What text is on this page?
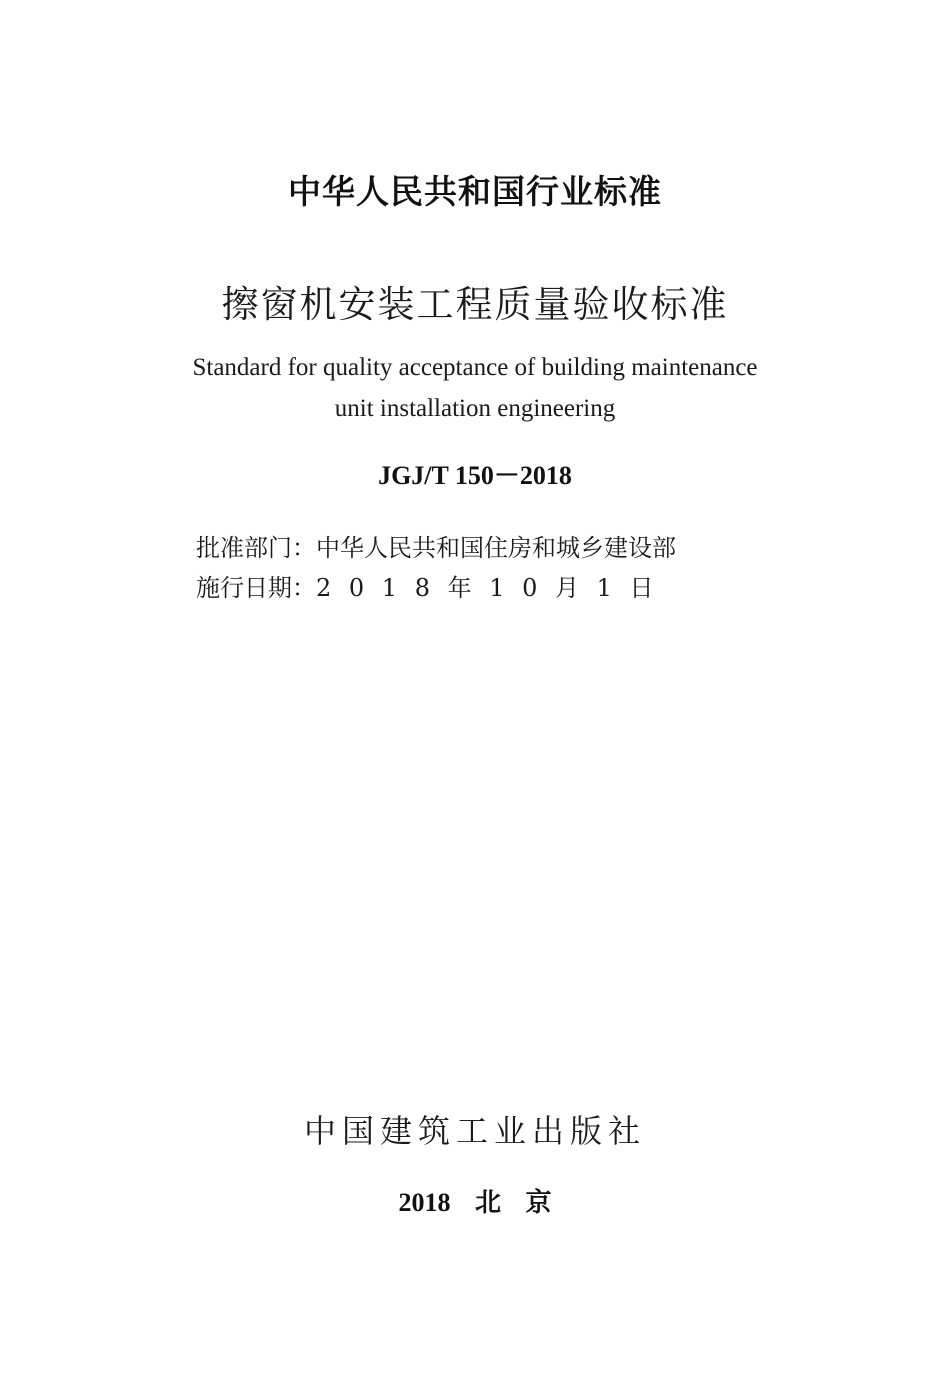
中华人民共和国行业标准
擦窗机安装工程质量验收标准
Standard for quality acceptance of building maintenance
unit installation engineering
JGJ/T 150－2018
批准部门：中华人民共和国住房和城乡建设部
施行日期：2 0 1 8 年 1 0 月 1 日
中国建筑工业出版社
2018 北 京
